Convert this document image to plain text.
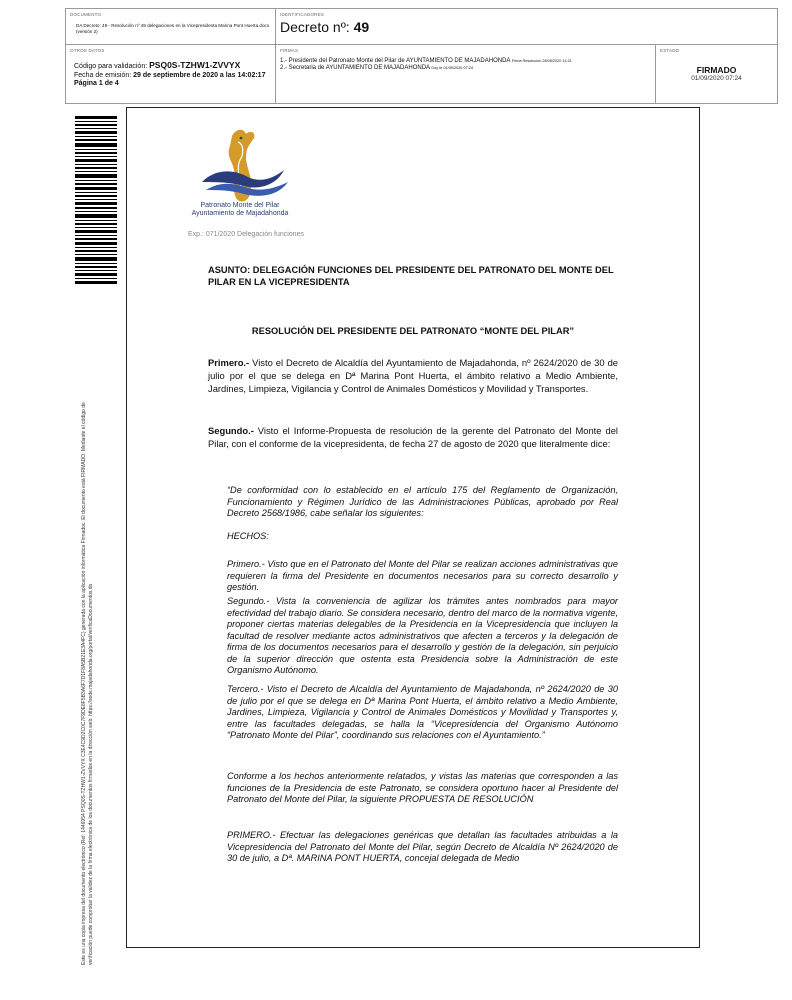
DOCUMENTO
DA Decreto: 49 - Resolución nº 49 delegaciones en la Vicepresidenta Marina Pont Huerta.docx (versión 2)
IDENTIFICADORES
Decreto nº: 49
OTROS DATOS
Código para validación: PSQ0S-TZHW1-ZVVYX
Fecha de emisión: 29 de septiembre de 2020 a las 14:02:17
Página 1 de 4
FIRMAS
1.- Presidente del Patronato Monte del Pilar de AYUNTAMIENTO DE MAJADAHONDA Firma Resolución 28/08/2020 14:21
2.- Secretaria de AYUNTAMIENTO DE MAJADAHONDA Doy fe 01/09/2020 07:24
ESTADO
FIRMADO
01/09/2020 07:24
Este es una copia impresa del documento electrónico (Ref: 1446954 PSQ0S-TZHW1-ZVVYX C3E4C9D2C0C7F9DE8F5B3A6F7D1F8A5B21E3A4FC) generada con la aplicación informática Firmadoc. El documento está FIRMADO. Mediante el código de verificación puede comprobar la validez de la firma electrónica de los documentos firmados en la dirección web: https://sede.majadahonda.org/portal/verificaDocumentos.do
Patronato Monte del Pilar
Ayuntamiento de Majadahonda
Exp.: 071/2020 Delegación funciones
ASUNTO: DELEGACIÓN FUNCIONES DEL PRESIDENTE DEL PATRONATO DEL MONTE DEL PILAR EN LA VICEPRESIDENTA
RESOLUCIÓN DEL PRESIDENTE DEL PATRONATO “MONTE DEL PILAR”
Primero.- Visto el Decreto de Alcaldía del Ayuntamiento de Majadahonda, nº 2624/2020 de 30 de julio por el que se delega en Dª Marina Pont Huerta, el ámbito relativo a Medio Ambiente, Jardines, Limpieza, Vigilancia y Control de Animales Domésticos y Movilidad y Transportes.
Segundo.- Visto el Informe-Propuesta de resolución de la gerente del Patronato del Monte del Pilar, con el conforme de la vicepresidenta, de fecha 27 de agosto de 2020 que literalmente dice:
“De conformidad con lo establecido en el artículo 175 del Reglamento de Organización, Funcionamiento y Régimen Jurídico de las Administraciones Públicas, aprobado por Real Decreto 2568/1986, cabe señalar los siguientes:
HECHOS:
Primero.- Visto que en el Patronato del Monte del Pilar se realizan acciones administrativas que requieren la firma del Presidente en documentos necesarios para su correcto desarrollo y gestión.
Segundo.- Vista la conveniencia de agilizar los trámites antes nombrados para mayor efectividad del trabajo diario. Se considera necesario, dentro del marco de la normativa vigente, proponer ciertas materias delegables de la Presidencia en la Vicepresidencia que incluyen la facultad de resolver mediante actos administrativos que afecten a terceros y la delegación de firma de los documentos necesarios para el desarrollo y gestión de la delegación, sin perjuicio de la superior dirección que ostenta esta Presidencia sobre la Administración de este Organismo Autónomo.
Tercero.- Visto el Decreto de Alcaldía del Ayuntamiento de Majadahonda, nº 2624/2020 de 30 de julio por el que se delega en Dª Marina Pont Huerta, el ámbito relativo a Medio Ambiente, Jardines, Limpieza, Vigilancia y Control de Animales Domésticos y Movilidad y Transportes y, entre las facultades delegadas, se halla la “Vicepresidencia del Organismo Autónomo “Patronato Monte del Pilar”, coordinando sus relaciones con el Ayuntamiento.”
Conforme a los hechos anteriormente relatados, y vistas las materias que corresponden a las funciones de la Presidencia de este Patronato, se considera oportuno hacer al Presidente del Patronato del Monte del Pilar, la siguiente PROPUESTA DE RESOLUCIÓN
PRIMERO.- Efectuar las delegaciones genéricas que detallan las facultades atribuidas a la Vicepresidencia del Patronato del Monte del Pilar, según Decreto de Alcaldía Nº 2624/2020 de 30 de julio, a Dª. MARINA PONT HUERTA, concejal delegada de Medio
